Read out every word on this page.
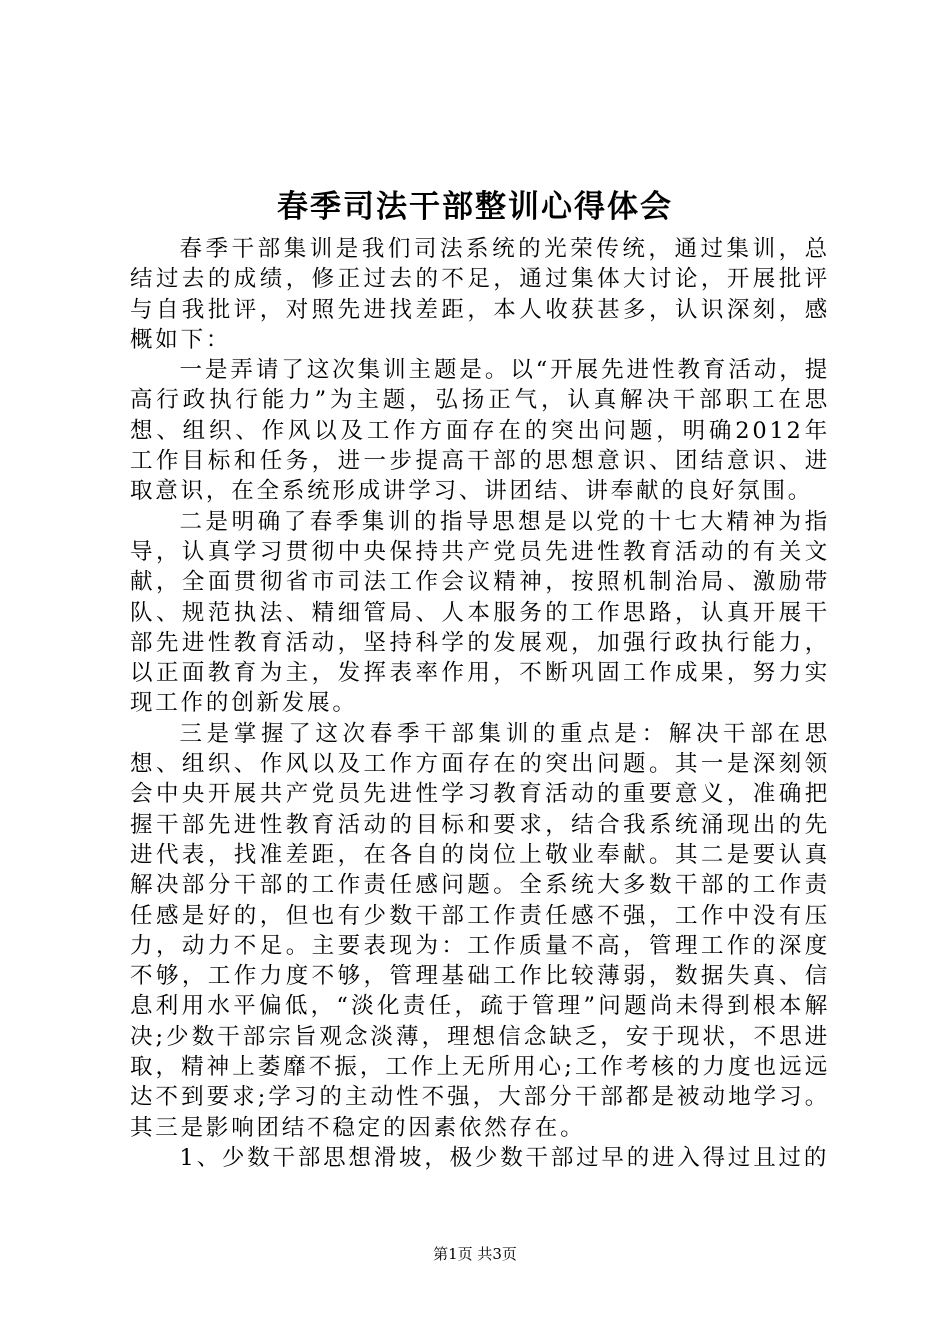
春季司法干部整训心得体会

春季干部集训是我们司法系统的光荣传统，通过集训，总结过去的成绩，修正过去的不足，通过集体大讨论，开展批评与自我批评，对照先进找差距，本人收获甚多，认识深刻，感概如下：

一是弄请了这次集训主题是。以“开展先进性教育活动，提高行政执行能力”为主题，弘扬正气，认真解决干部职工在思想、组织、作风以及工作方面存在的突出问题，明确2012年工作目标和任务，进一步提高干部的思想意识、团结意识、进取意识，在全系统形成讲学习、讲团结、讲奉献的良好氛围。

二是明确了春季集训的指导思想是以党的十七大精神为指导，认真学习贯彻中央保持共产党员先进性教育活动的有关文献，全面贯彻省市司法工作会议精神，按照机制治局、激励带队、规范执法、精细管局、人本服务的工作思路，认真开展干部先进性教育活动，坚持科学的发展观，加强行政执行能力，以正面教育为主，发挥表率作用，不断巩固工作成果，努力实现工作的创新发展。

三是掌握了这次春季干部集训的重点是：解决干部在思想、组织、作风以及工作方面存在的突出问题。其一是深刻领会中央开展共产党员先进性学习教育活动的重要意义，准确把握干部先进性教育活动的目标和要求，结合我系统涌现出的先进代表，找准差距，在各自的岗位上敬业奉献。其二是要认真解决部分干部的工作责任感问题。全系统大多数干部的工作责任感是好的，但也有少数干部工作责任感不强，工作中没有压力，动力不足。主要表现为：工作质量不高，管理工作的深度不够，工作力度不够，管理基础工作比较薄弱，数据失真、信息利用水平偏低，“淡化责任，疏于管理”问题尚未得到根本解决;少数干部宗旨观念淡薄，理想信念缺乏，安于现状，不思进取，精神上萎靡不振，工作上无所用心;工作考核的力度也远远达不到要求;学习的主动性不强，大部分干部都是被动地学习。其三是影响团结不稳定的因素依然存在。

1、少数干部思想滑坡，极少数干部过早的进入得过且过的

第1页 共3页
